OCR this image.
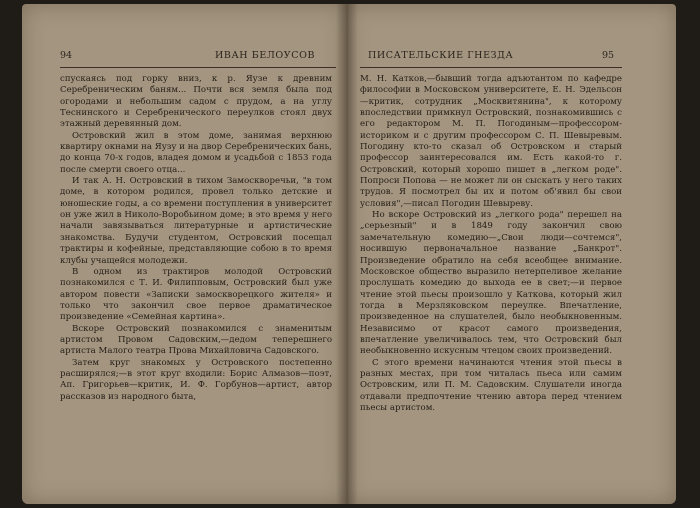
94	ИВАН БЕЛОУСОВ

спускаясь под горку вниз, к р. Яузе к древним Серебреническим баням... Почти вся земля была под огородами и небольшим садом с прудом, а на углу Теснинского и Серебренического переулков стоял двух этажный деревянный дом.

Островский жил в этом доме, занимая верхнюю квартиру окнами на Яузу и на двор Серебренических бань, до конца 70-х годов, владея домом и усадьбой с 1853 года после смерти своего отца...

И так А. Н. Островский в тихом Замоскворечьи, "в том доме, в котором родился, провел только детские и юношеские годы, а со времени поступления в университет он уже жил в Николо-Воробьином доме; в это время у него начали завязываться литературные и артистические знакомства. Будучи студентом, Островский посещал трактиры и кофейные, представляющие собою в то время клубы учащейся молодежи.

В одном из трактиров молодой Островский познакомился с Т. И. Филипповым, Островский был уже автором повести «Записки замоскворецкого жителя» и только что закончил свое первое драматическое произведение «Семейная картина».

Вскоре Островский познакомился с знаменитым артистом Провом Садовским,—дедом теперешнего артиста Малого театра Прова Михайловича Садовского.

Затем круг знакомых у Островского постепенно расширялся;—в этот круг входили: Борис Алмазов—поэт, Ап. Григорьев—критик, И. Ф. Горбунов—артист, автор рассказов из народного быта,

ПИСАТЕЛЬСКИЕ ГНЕЗДА	95

М. Н. Катков,—бывший тогда адъютантом по кафедре философии в Московском университете, Е. Н. Эдельсон—критик, сотрудник „Москвитянина", к которому впоследствии примкнул Островский, познакомившись с его редактором М. П. Погодиным—профессором-историком и с другим профессором С. П. Шевыревым. Погодину кто-то сказал об Островском и старый профессор заинтересовался им. Есть какой-то г. Островский, который хорошо пишет в „легком роде". Попроси Попова — не может ли он сыскать у него таких трудов. Я посмотрел бы их и потом об'явил бы свои условия",—писал Погодин Шевыреву.

Но вскоре Островский из „легкого рода" перешел на „серьезный" и в 1849 году закончил свою замечательную комедию—„Свои люди—сочтемся", носившую первоначальное название „Банкрот". Произведение обратило на себя всеобщее внимание. Московское общество выразило нетерпеливое желание прослушать комедию до выхода ее в свет;—и первое чтение этой пьесы произошло у Каткова, который жил тогда в Мерзляковском переулке. Впечатление, произведенное на слушателей, было необыкновенным. Независимо от красот самого произведения, впечатление увеличивалось тем, что Островский был необыкновенно искусным чтецом своих произведений.

С этого времени начинаются чтения этой пьесы в разных местах, при том читалась пьеса или самим Островским, или П. М. Садовским. Слушатели иногда отдавали предпочтение чтению автора перед чтением пьесы артистом.
